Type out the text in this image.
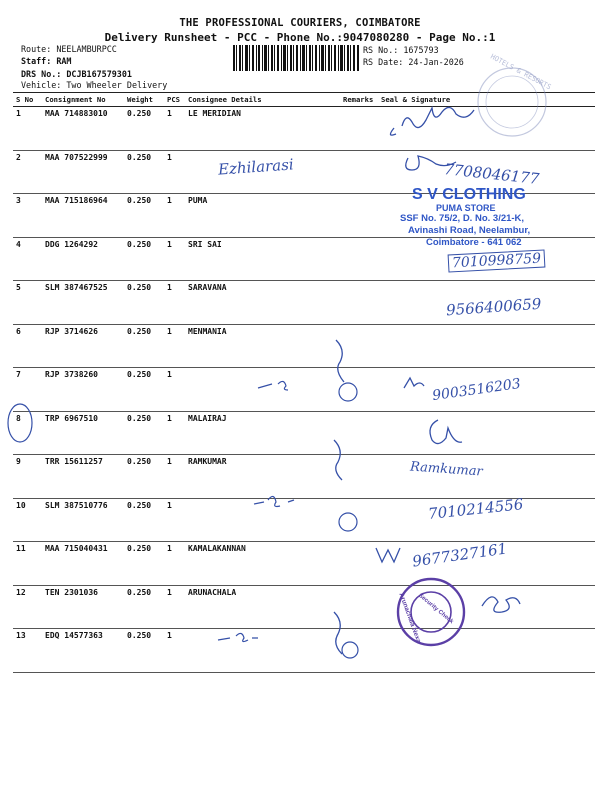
THE PROFESSIONAL COURIERS, COIMBATORE
Delivery Runsheet - PCC - Phone No.:9047080280 - Page No.:1
Route: NEELAMBURPCC
Staff: RAM
DRS No.: DCJB167579301
Vehicle: Two Wheeler Delivery
RS No.: 1675793
RS Date: 24-Jan-2026
S No	Consignment No	Weight	PCS	Consignee Details	Remarks	Seal & Signature
1	MAA 714883010	0.250	1	LE MERIDIAN		
2	MAA 707522999	0.250	1			
3	MAA 715186964	0.250	1	PUMA		
4	DDG 1264292	0.250	1	SRI SAI		
5	SLM 387467525	0.250	1	SARAVANA		
6	RJP 3714626	0.250	1	MENMANIA		
7	RJP 3738260	0.250	1			
8	TRP 6967510	0.250	1	MALAIRAJ		
9	TRR 15611257	0.250	1	RAMKUMAR		
10	SLM 387510776	0.250	1			
11	MAA 715040431	0.250	1	KAMALAKANNAN		
12	TEN 2301036	0.250	1	ARUNACHALA		
13	EDQ 14577363	0.250	1			
HOTELS & RESORTS
Ezhilarasi	7708046177
S V CLOTHING
PUMA STORE
SSF No. 75/2, D. No. 3/21-K,
Avinashi Road, Neelambur,
Coimbatore - 641 062
7010998759
9566400659
9003516203
Ramkumar
7010214556
9677327161
Arunachala Nexa
Security Check
